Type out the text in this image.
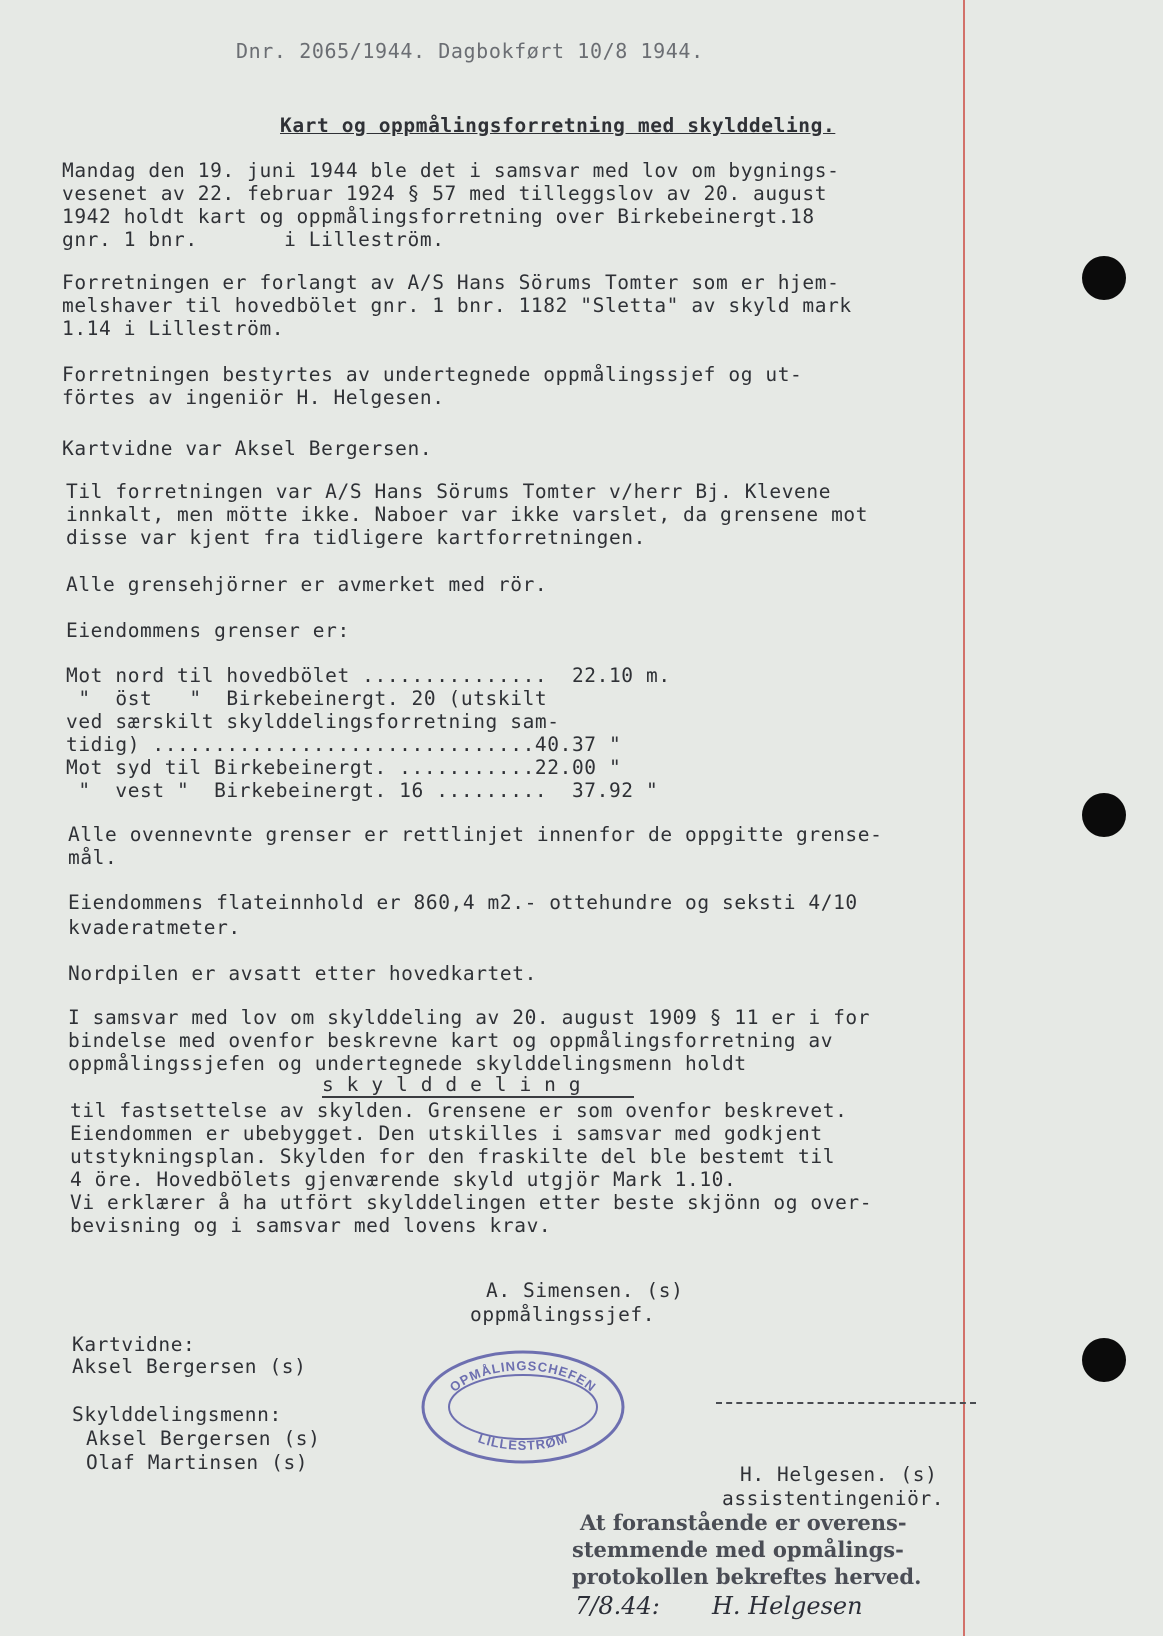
Dnr. 2065/1944. Dagbokført 10/8 1944.
Kart og oppmålingsforretning med skylddeling.
Mandag den 19. juni 1944 ble det i samsvar med lov om bygnings-
vesenet av 22. februar 1924 § 57 med tilleggslov av 20. august
1942 holdt kart og oppmålingsforretning over Birkebeinergt.18
gnr. 1 bnr.       i Lilleström.
Forretningen er forlangt av A/S Hans Sörums Tomter som er hjem-
melshaver til hovedbölet gnr. 1 bnr. 1182 "Sletta" av skyld mark
1.14 i Lilleström.
Forretningen bestyrtes av undertegnede oppmålingssjef og ut-
förtes av ingeniör H. Helgesen.
Kartvidne var Aksel Bergersen.
Til forretningen var A/S Hans Sörums Tomter v/herr Bj. Klevene
innkalt, men mötte ikke. Naboer var ikke varslet, da grensene mot
disse var kjent fra tidligere kartforretningen.
Alle grensehjörner er avmerket med rör.
Eiendommens grenser er:
Mot nord til hovedbölet ...............  22.10 m.
"  öst   "  Birkebeinergt. 20 (utskilt
ved særskilt skylddelingsforretning sam-
tidig) ...............................40.37 "
Mot syd til Birkebeinergt. ...........22.00 "
"  vest "  Birkebeinergt. 16 .........  37.92 "
Alle ovennevnte grenser er rettlinjet innenfor de oppgitte grense-
mål.
Eiendommens flateinnhold er 860,4 m2.- ottehundre og seksti 4/10
kvaderatmeter.
Nordpilen er avsatt etter hovedkartet.
I samsvar med lov om skylddeling av 20. august 1909 § 11 er i for
bindelse med ovenfor beskrevne kart og oppmålingsforretning av
oppmålingssjefen og undertegnede skylddelingsmenn holdt
s k y l d d e l i n g
til fastsettelse av skylden. Grensene er som ovenfor beskrevet.
Eiendommen er ubebygget. Den utskilles i samsvar med godkjent
utstykningsplan. Skylden for den fraskilte del ble bestemt til
4 öre. Hovedbölets gjenværende skyld utgjör Mark 1.10.
Vi erklærer å ha utfört skylddelingen etter beste skjönn og over-
bevisning og i samsvar med lovens krav.
A. Simensen. (s)
oppmålingssjef.
Kartvidne:
Aksel Bergersen (s)
Skylddelingsmenn:
Aksel Bergersen (s)
Olaf Martinsen (s)
OPMÅLINGSCHEFEN
LILLESTRØM
H. Helgesen. (s)
assistentingeniör.
At foranstående er overens-
stemmende med opmålings-
protokollen bekreftes herved.
7/8.44: H. Helgesen
